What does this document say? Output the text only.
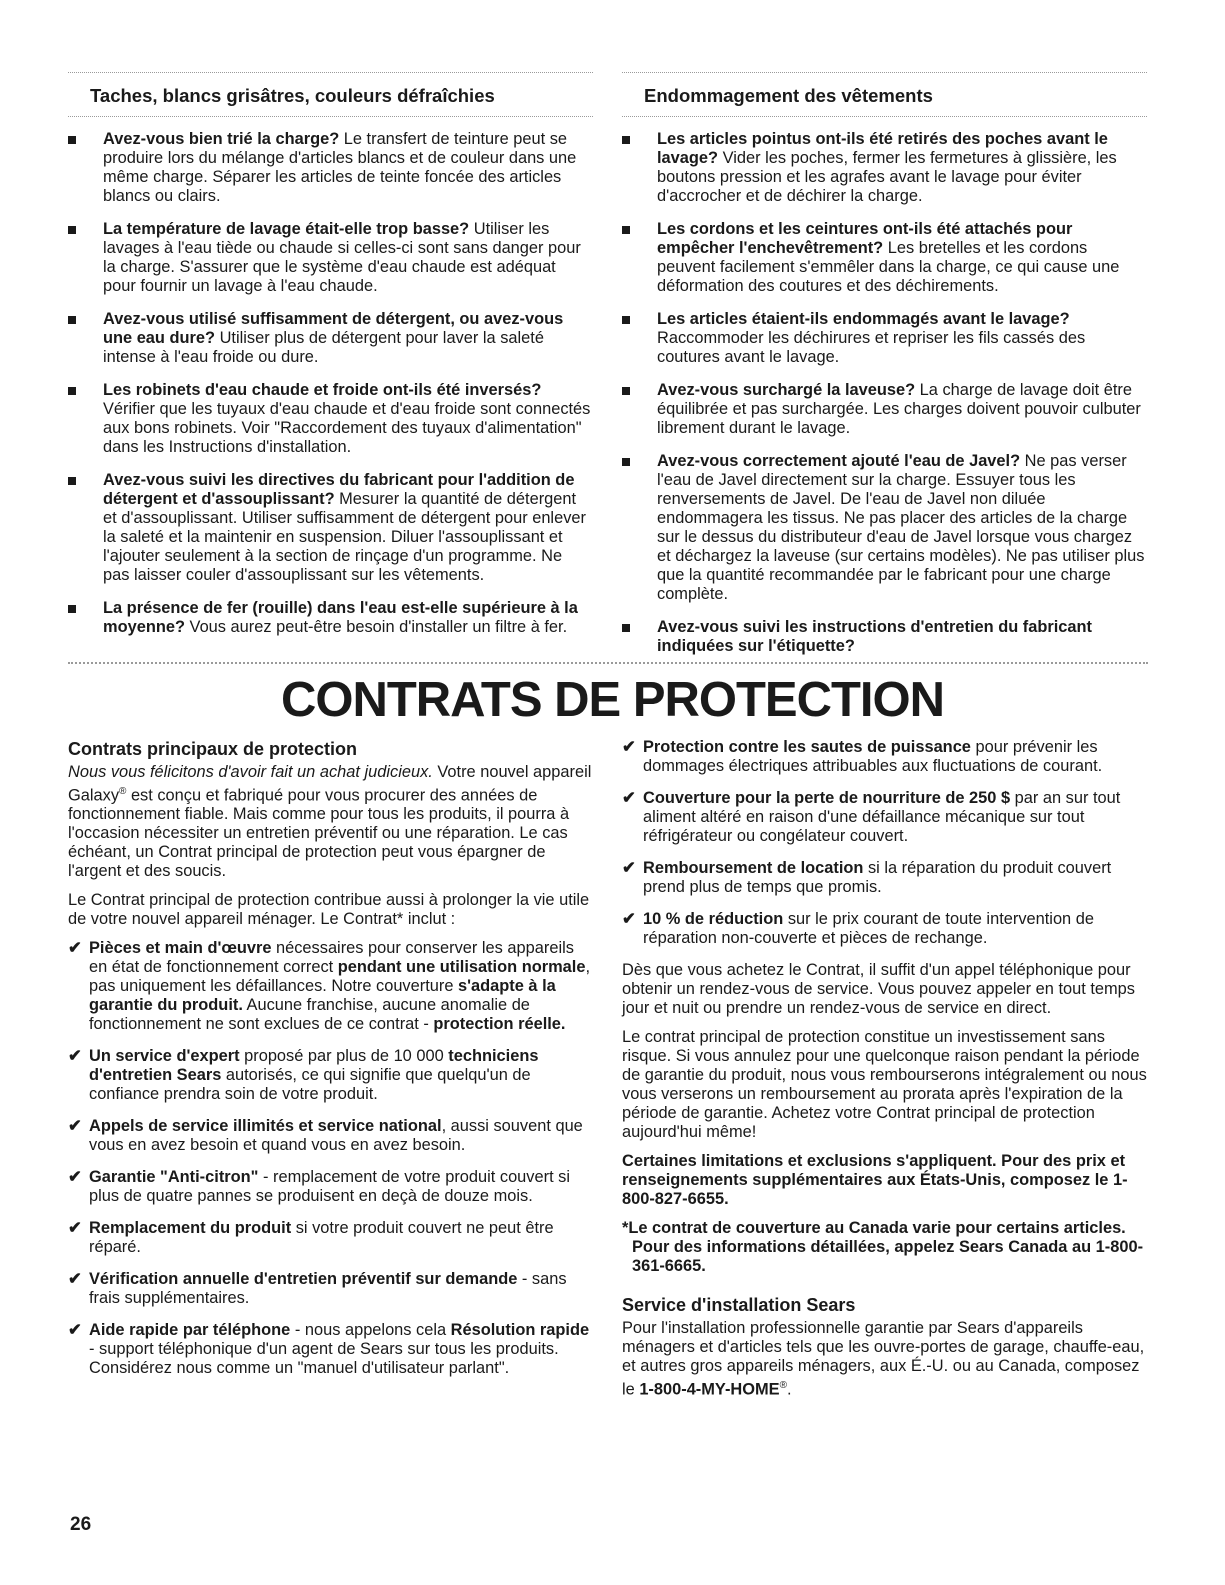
Taches, blancs grisâtres, couleurs défraîchies
Avez-vous bien trié la charge? Le transfert de teinture peut se produire lors du mélange d'articles blancs et de couleur dans une même charge. Séparer les articles de teinte foncée des articles blancs ou clairs.
La température de lavage était-elle trop basse? Utiliser les lavages à l'eau tiède ou chaude si celles-ci sont sans danger pour la charge. S'assurer que le système d'eau chaude est adéquat pour fournir un lavage à l'eau chaude.
Avez-vous utilisé suffisamment de détergent, ou avez-vous une eau dure? Utiliser plus de détergent pour laver la saleté intense à l'eau froide ou dure.
Les robinets d'eau chaude et froide ont-ils été inversés? Vérifier que les tuyaux d'eau chaude et d'eau froide sont connectés aux bons robinets. Voir "Raccordement des tuyaux d'alimentation" dans les Instructions d'installation.
Avez-vous suivi les directives du fabricant pour l'addition de détergent et d'assouplissant? Mesurer la quantité de détergent et d'assouplissant. Utiliser suffisamment de détergent pour enlever la saleté et la maintenir en suspension. Diluer l'assouplissant et l'ajouter seulement à la section de rinçage d'un programme. Ne pas laisser couler d'assouplissant sur les vêtements.
La présence de fer (rouille) dans l'eau est-elle supérieure à la moyenne? Vous aurez peut-être besoin d'installer un filtre à fer.
Endommagement des vêtements
Les articles pointus ont-ils été retirés des poches avant le lavage? Vider les poches, fermer les fermetures à glissière, les boutons pression et les agrafes avant le lavage pour éviter d'accrocher et de déchirer la charge.
Les cordons et les ceintures ont-ils été attachés pour empêcher l'enchevêtrement? Les bretelles et les cordons peuvent facilement s'emmêler dans la charge, ce qui cause une déformation des coutures et des déchirements.
Les articles étaient-ils endommagés avant le lavage? Raccommoder les déchirures et repriser les fils cassés des coutures avant le lavage.
Avez-vous surchargé la laveuse? La charge de lavage doit être équilibrée et pas surchargée. Les charges doivent pouvoir culbuter librement durant le lavage.
Avez-vous correctement ajouté l'eau de Javel? Ne pas verser l'eau de Javel directement sur la charge. Essuyer tous les renversements de Javel. De l'eau de Javel non diluée endommagera les tissus. Ne pas placer des articles de la charge sur le dessus du distributeur d'eau de Javel lorsque vous chargez et déchargez la laveuse (sur certains modèles). Ne pas utiliser plus que la quantité recommandée par le fabricant pour une charge complète.
Avez-vous suivi les instructions d'entretien du fabricant indiquées sur l'étiquette?
CONTRATS DE PROTECTION
Contrats principaux de protection

Nous vous félicitons d'avoir fait un achat judicieux. Votre nouvel appareil Galaxy® est conçu et fabriqué pour vous procurer des années de fonctionnement fiable. Mais comme pour tous les produits, il pourra à l'occasion nécessiter un entretien préventif ou une réparation. Le cas échéant, un Contrat principal de protection peut vous épargner de l'argent et des soucis.

Le Contrat principal de protection contribue aussi à prolonger la vie utile de votre nouvel appareil ménager. Le Contrat* inclut :

✔ Pièces et main d'œuvre nécessaires pour conserver les appareils en état de fonctionnement correct pendant une utilisation normale, pas uniquement les défaillances. Notre couverture s'adapte à la garantie du produit. Aucune franchise, aucune anomalie de fonctionnement ne sont exclues de ce contrat - protection réelle.
✔ Un service d'expert proposé par plus de 10 000 techniciens d'entretien Sears autorisés, ce qui signifie que quelqu'un de confiance prendra soin de votre produit.
✔ Appels de service illimités et service national, aussi souvent que vous en avez besoin et quand vous en avez besoin.
✔ Garantie "Anti-citron" - remplacement de votre produit couvert si plus de quatre pannes se produisent en deçà de douze mois.
✔ Remplacement du produit si votre produit couvert ne peut être réparé.
✔ Vérification annuelle d'entretien préventif sur demande - sans frais supplémentaires.
✔ Aide rapide par téléphone - nous appelons cela Résolution rapide - support téléphonique d'un agent de Sears sur tous les produits. Considérez nous comme un "manuel d'utilisateur parlant".
✔ Protection contre les sautes de puissance pour prévenir les dommages électriques attribuables aux fluctuations de courant.
✔ Couverture pour la perte de nourriture de 250 $ par an sur tout aliment altéré en raison d'une défaillance mécanique sur tout réfrigérateur ou congélateur couvert.
✔ Remboursement de location si la réparation du produit couvert prend plus de temps que promis.
✔ 10 % de réduction sur le prix courant de toute intervention de réparation non-couverte et pièces de rechange.

Dès que vous achetez le Contrat, il suffit d'un appel téléphonique pour obtenir un rendez-vous de service. Vous pouvez appeler en tout temps jour et nuit ou prendre un rendez-vous de service en direct.

Le contrat principal de protection constitue un investissement sans risque. Si vous annulez pour une quelconque raison pendant la période de garantie du produit, nous vous rembourserons intégralement ou nous vous verserons un remboursement au prorata après l'expiration de la période de garantie. Achetez votre Contrat principal de protection aujourd'hui même!

Certaines limitations et exclusions s'appliquent. Pour des prix et renseignements supplémentaires aux États-Unis, composez le 1-800-827-6655.

*Le contrat de couverture au Canada varie pour certains articles. Pour des informations détaillées, appelez Sears Canada au 1-800-361-6665.

Service d'installation Sears

Pour l'installation professionnelle garantie par Sears d'appareils ménagers et d'articles tels que les ouvre-portes de garage, chauffe-eau, et autres gros appareils ménagers, aux É.-U. ou au Canada, composez le 1-800-4-MY-HOME®.

26
